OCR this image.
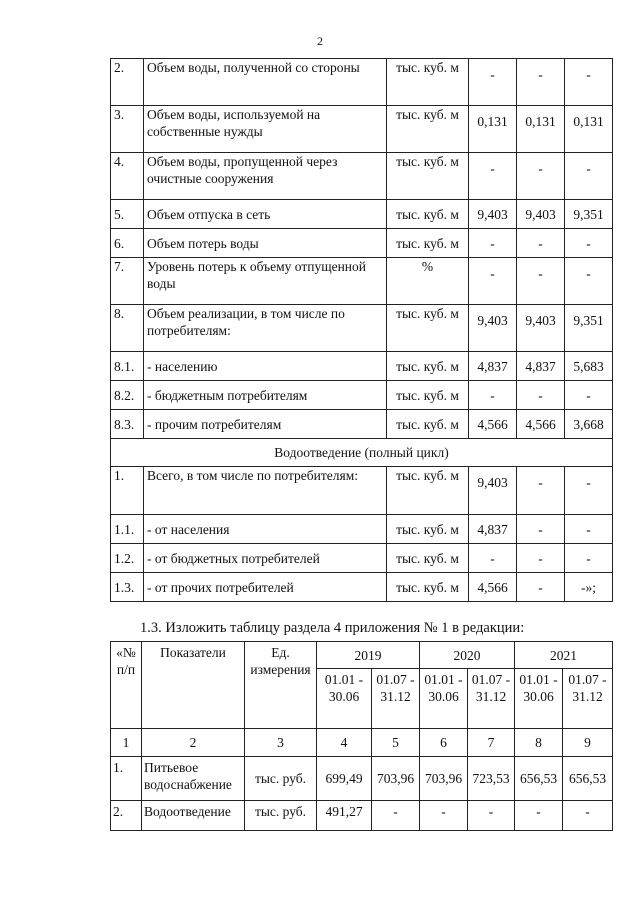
2
2.	Объем воды, полученной со стороны	тыс. куб. м	-	-	-
3.	Объем воды, используемой на собственные нужды	тыс. куб. м	0,131	0,131	0,131
4.	Объем воды, пропущенной через очистные сооружения	тыс. куб. м	-	-	-
5.	Объем отпуска в сеть	тыс. куб. м	9,403	9,403	9,351
6.	Объем потерь воды	тыс. куб. м	-	-	-
7.	Уровень потерь к объему отпущенной воды	%	-	-	-
8.	Объем реализации, в том числе по потребителям:	тыс. куб. м	9,403	9,403	9,351
8.1.	- населению	тыс. куб. м	4,837	4,837	5,683
8.2.	- бюджетным потребителям	тыс. куб. м	-	-	-
8.3.	- прочим потребителям	тыс. куб. м	4,566	4,566	3,668
Водоотведение (полный цикл)					
1.	Всего, в том числе по потребителям:	тыс. куб. м	9,403	-	-
1.1.	- от населения	тыс. куб. м	4,837	-	-
1.2.	- от бюджетных потребителей	тыс. куб. м	-	-	-
1.3.	- от прочих потребителей	тыс. куб. м	4,566	-	-»;
1.3. Изложить таблицу раздела 4 приложения № 1 в редакции:
«№ п/п	Показатели	Ед. измерения	2019		2020		2021	
			01.01 - 30.06	01.07 - 31.12	01.01 - 30.06	01.07 - 31.12	01.01 - 30.06	01.07 - 31.12
1	2	3	4	5	6	7	8	9
1.	Питьевое водоснабжение	тыс. руб.	699,49	703,96	703,96	723,53	656,53	656,53
2.	Водоотведение	тыс. руб.	491,27	-	-	-	-	-
